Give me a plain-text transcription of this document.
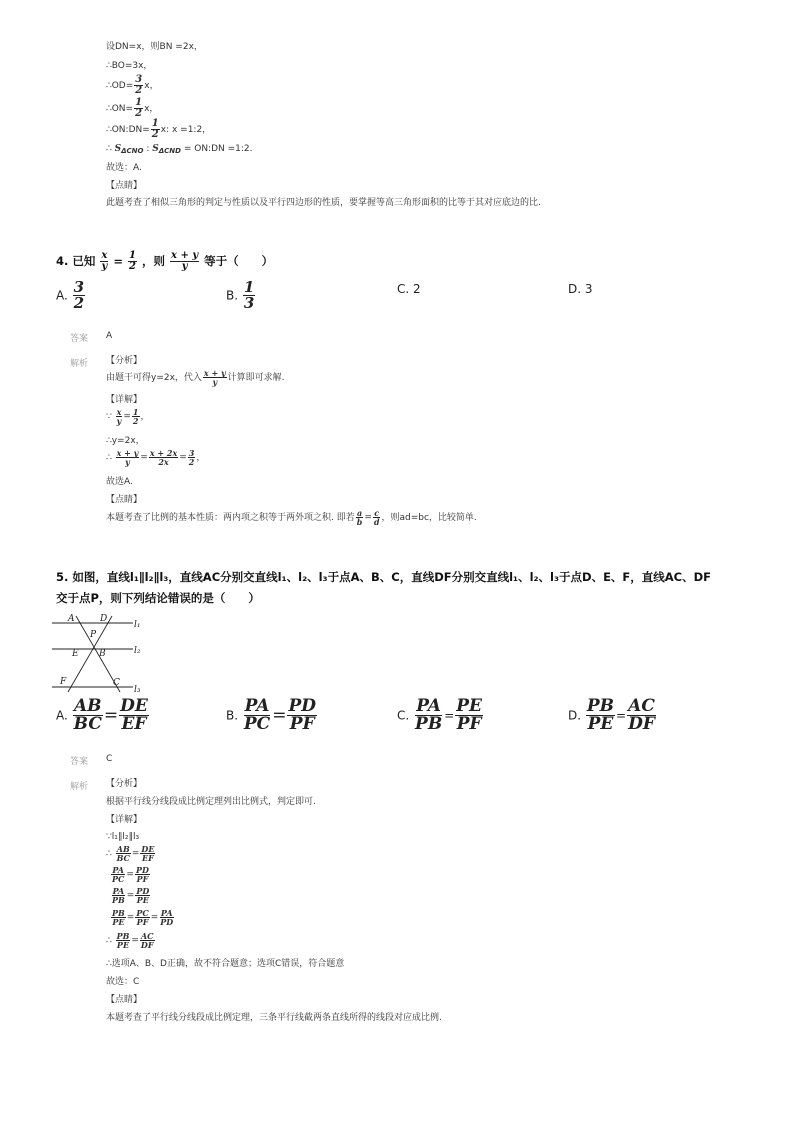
设DN=x，则BN =2x，
∴BO=3x，
∴OD= $\frac{3}{2}$ x，
∴ON= $\frac{1}{2}$ x，
∴ON:DN= $\frac{1}{2} x$: x =1:2，
∴ $S_{\Delta CNO}$ : $S_{\Delta CND}$ = ON:DN =1:2.
故选：A.
【点睛】
此题考查了相似三角形的判定与性质以及平行四边形的性质，要掌握等高三角形面积的比等于其对应底边的比.
4. 已知 $\frac{x}{y} = \frac{1}{2}$ ，则 $\frac{x + y}{y}$ 等于（　　）
A. $\frac{3}{2}$	B. $\frac{1}{3}$	C. 2	D. 3
答案 A
解析 【分析】
由题干可得y=2x，代入 $\frac{x + y}{y}$ 计算即可求解.
【详解】
∵ $\frac{x}{y} = \frac{1}{2}$ ，
∴y=2x，
∴ $\frac{x + y}{y} = \frac{x + 2x}{2x} = \frac{3}{2}$ ，
故选A.
【点睛】
本题考查了比例的基本性质：两内项之积等于两外项之积. 即若 $\frac{a}{b} = \frac{c}{d}$ ，则ad=bc，比较简单.
5. 如图，直线l₁∥l₂∥l₃，直线AC分别交直线l₁、l₂、l₃于点A、B、C，直线DF分别交直线l₁、l₂、l₃于点D、E、F，直线AC、DF
交于点P，则下列结论错误的是（　　）
A	D
P
E B
F	C
l₁
l₂
l₃
A. $\frac{AB}{BC} = \frac{DE}{EF}$	B. $\frac{PA}{PC} = \frac{PD}{PF}$	C. $\frac{PA}{PB} = \frac{PE}{PF}$	D. $\frac{PB}{PE} = \frac{AC}{DF}$
答案 C
解析 【分析】
根据平行线分线段成比例定理列出比例式，判定即可.
【详解】
∵l₁∥l₂∥l₃
∴ $\frac{AB}{BC} = \frac{DE}{EF}$
$\frac{PA}{PC} = \frac{PD}{PF}$
$\frac{PA}{PB} = \frac{PD}{PE}$
$\frac{PB}{PE} = \frac{PC}{PF} = \frac{PA}{PD}$
∴ $\frac{PB}{PE} = \frac{AC}{DF}$
∴选项A、B、D正确，故不符合题意；选项C错误，符合题意
故选：C
【点睛】
本题考查了平行线分线段成比例定理，三条平行线截两条直线所得的线段对应成比例.
